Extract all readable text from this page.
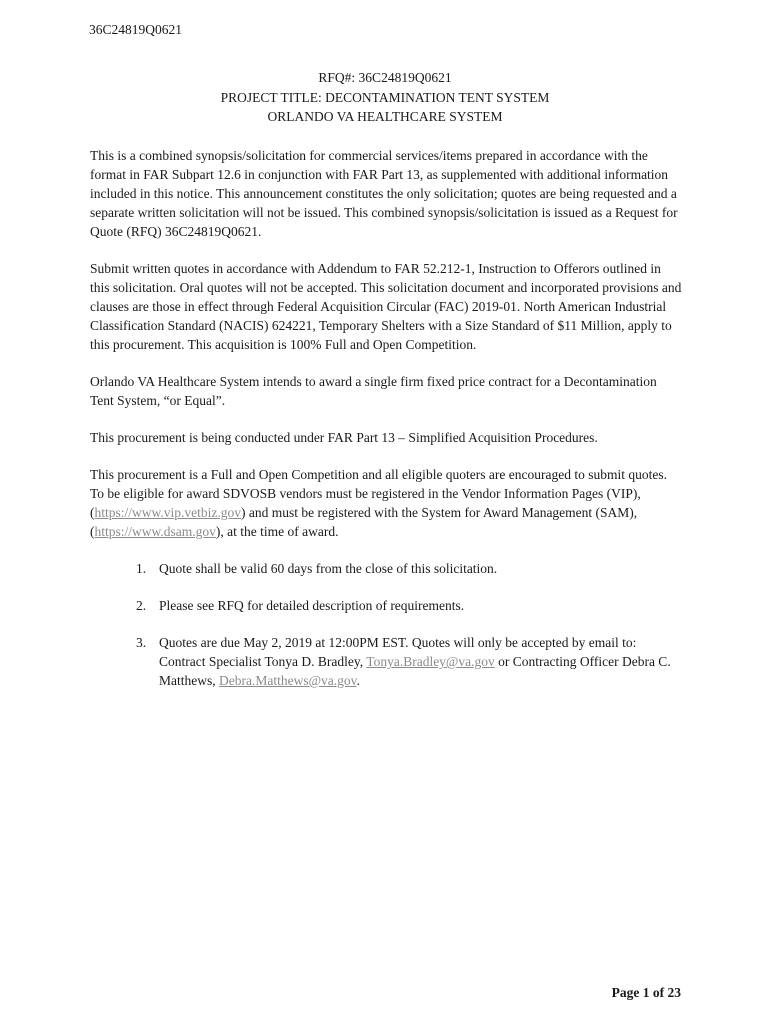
36C24819Q0621
RFQ#: 36C24819Q0621
PROJECT TITLE: DECONTAMINATION TENT SYSTEM
ORLANDO VA HEALTHCARE SYSTEM

This is a combined synopsis/solicitation for commercial services/items prepared in accordance with the format in FAR Subpart 12.6 in conjunction with FAR Part 13, as supplemented with additional information included in this notice. This announcement constitutes the only solicitation; quotes are being requested and a separate written solicitation will not be issued. This combined synopsis/solicitation is issued as a Request for Quote (RFQ) 36C24819Q0621.

Submit written quotes in accordance with Addendum to FAR 52.212-1, Instruction to Offerors outlined in this solicitation. Oral quotes will not be accepted. This solicitation document and incorporated provisions and clauses are those in effect through Federal Acquisition Circular (FAC) 2019-01. North American Industrial Classification Standard (NACIS) 624221, Temporary Shelters with a Size Standard of $11 Million, apply to this procurement. This acquisition is 100% Full and Open Competition.

Orlando VA Healthcare System intends to award a single firm fixed price contract for a Decontamination Tent System, “or Equal”.

This procurement is being conducted under FAR Part 13 – Simplified Acquisition Procedures.

This procurement is a Full and Open Competition and all eligible quoters are encouraged to submit quotes. To be eligible for award SDVOSB vendors must be registered in the Vendor Information Pages (VIP), (https://www.vip.vetbiz.gov) and must be registered with the System for Award Management (SAM), (https://www.dsam.gov), at the time of award.

1. Quote shall be valid 60 days from the close of this solicitation.
2. Please see RFQ for detailed description of requirements.
3. Quotes are due May 2, 2019 at 12:00PM EST. Quotes will only be accepted by email to: Contract Specialist Tonya D. Bradley, Tonya.Bradley@va.gov or Contracting Officer Debra C. Matthews, Debra.Matthews@va.gov.
Page 1 of 23
